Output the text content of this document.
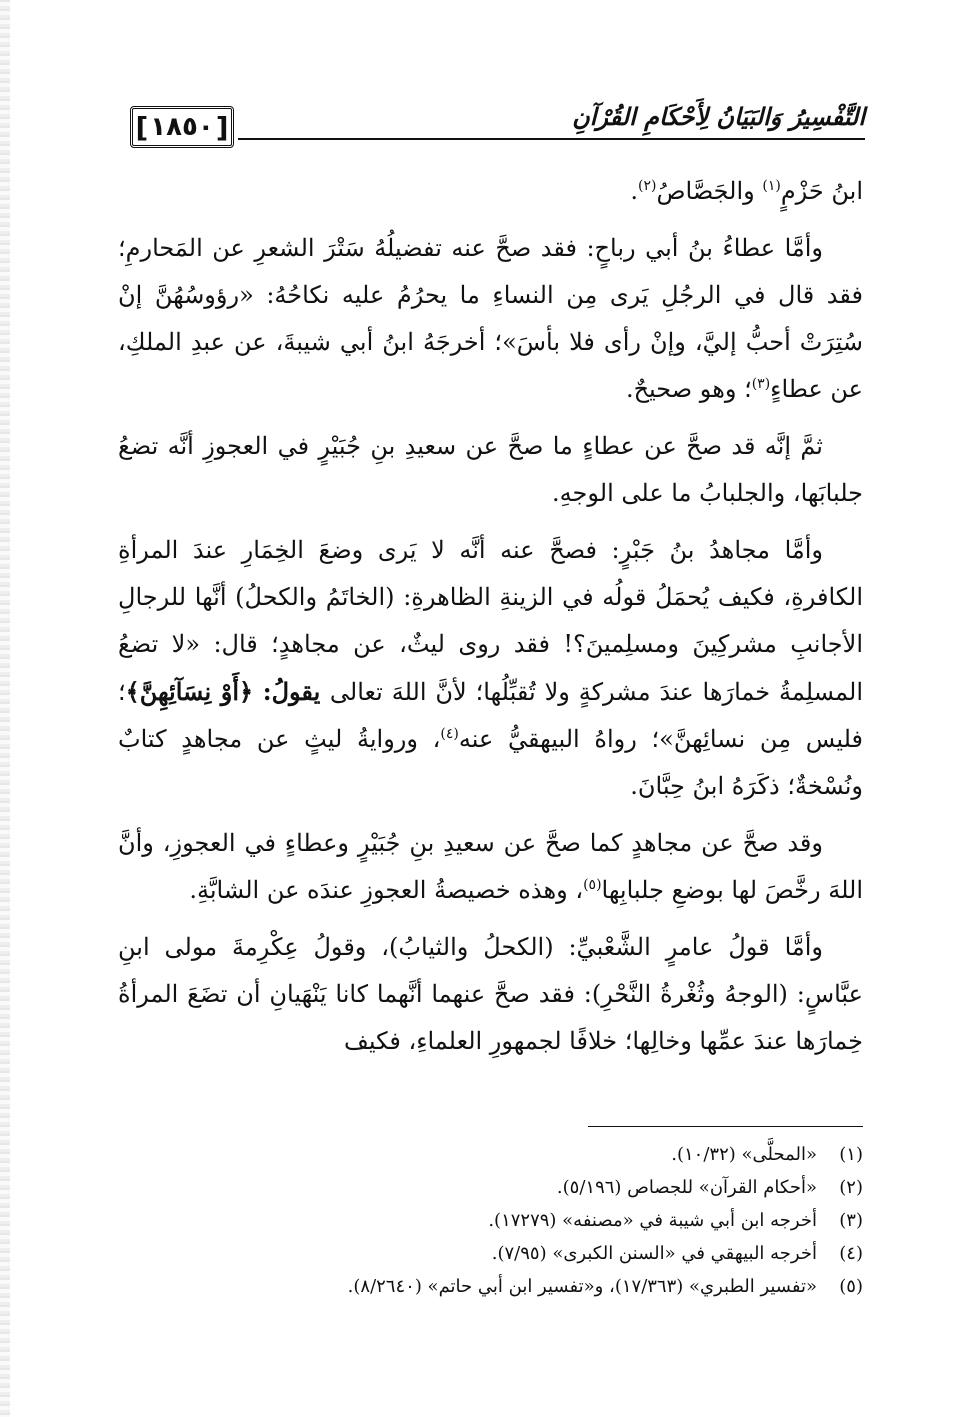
التَّفْسِيرُ وَالبَيَانُ لِأَحْكَامِ القُرْآنِ
[ ١٨٥٠ ]

ابنُ حَزْمٍ$^{(١)}$ والجَصَّاصُ$^{(٢)}$.

وأمَّا عطاءُ بنُ أبي رباحٍ: فقد صحَّ عنه تفضيلُهُ سَتْرَ الشعرِ عن المَحارمِ؛ فقد قال في الرجُلِ يَرى مِن النساءِ ما يحرُمُ عليه نكاحُهُ: «رؤوسُهُنَّ إنْ سُتِرَتْ أحبُّ إليَّ، وإنْ رأى فلا بأسَ»؛ أخرجَهُ ابنُ أبي شيبةَ، عن عبدِ الملكِ، عن عطاءٍ$^{(٣)}$؛ وهو صحيحٌ.

ثمَّ إنَّه قد صحَّ عن عطاءٍ ما صحَّ عن سعيدِ بنِ جُبَيْرٍ في العجوزِ أنَّه تضعُ جلبابَها، والجلبابُ ما على الوجهِ.

وأمَّا مجاهدُ بنُ جَبْرٍ: فصحَّ عنه أنَّه لا يَرى وضعَ الخِمَارِ عندَ المرأةِ الكافرةِ، فكيف يُحمَلُ قولُه في الزينةِ الظاهرةِ: (الخاتَمُ والكحلُ) أنَّها للرجالِ الأجانبِ مشركِينَ ومسلِمينَ؟! فقد روى ليثٌ، عن مجاهدٍ؛ قال: «لا تضعُ المسلِمةُ خمارَها عندَ مشركةٍ ولا تُقبِّلُها؛ لأنَّ اللهَ تعالى يقولُ: ﴿أَوْ نِسَآئِهِنَّ﴾؛ فليس مِن نسائِهنَّ»؛ رواهُ البيهقيُّ عنه$^{(٤)}$، وروايةُ ليثٍ عن مجاهدٍ كتابٌ ونُسْخةٌ؛ ذكَرَهُ ابنُ حِبَّانَ.

وقد صحَّ عن مجاهدٍ كما صحَّ عن سعيدِ بنِ جُبَيْرٍ وعطاءٍ في العجوزِ، وأنَّ اللهَ رخَّصَ لها بوضعِ جلبابِها$^{(٥)}$، وهذه خصيصةُ العجوزِ عندَه عن الشابَّةِ.

وأمَّا قولُ عامرٍ الشَّعْبيِّ: (الكحلُ والثيابُ)، وقولُ عِكْرِمةَ مولى ابنِ عبَّاسٍ: (الوجهُ وثُغْرةُ النَّحْرِ): فقد صحَّ عنهما أنَّهما كانا يَنْهَيانِ أن تضَعَ المرأةُ خِمارَها عندَ عمِّها وخالِها؛ خلافًا لجمهورِ العلماءِ، فكيف

(١)
«المحلَّى» (١٠/٣٢).
(٢)
«أحكام القرآن» للجصاص (٥/١٩٦).
(٣)
أخرجه ابن أبي شيبة في «مصنفه» (١٧٢٧٩).
(٤)
أخرجه البيهقي في «السنن الكبرى» (٧/٩٥).
(٥)
«تفسير الطبري» (١٧/٣٦٣)، و«تفسير ابن أبي حاتم» (٨/٢٦٤٠).
